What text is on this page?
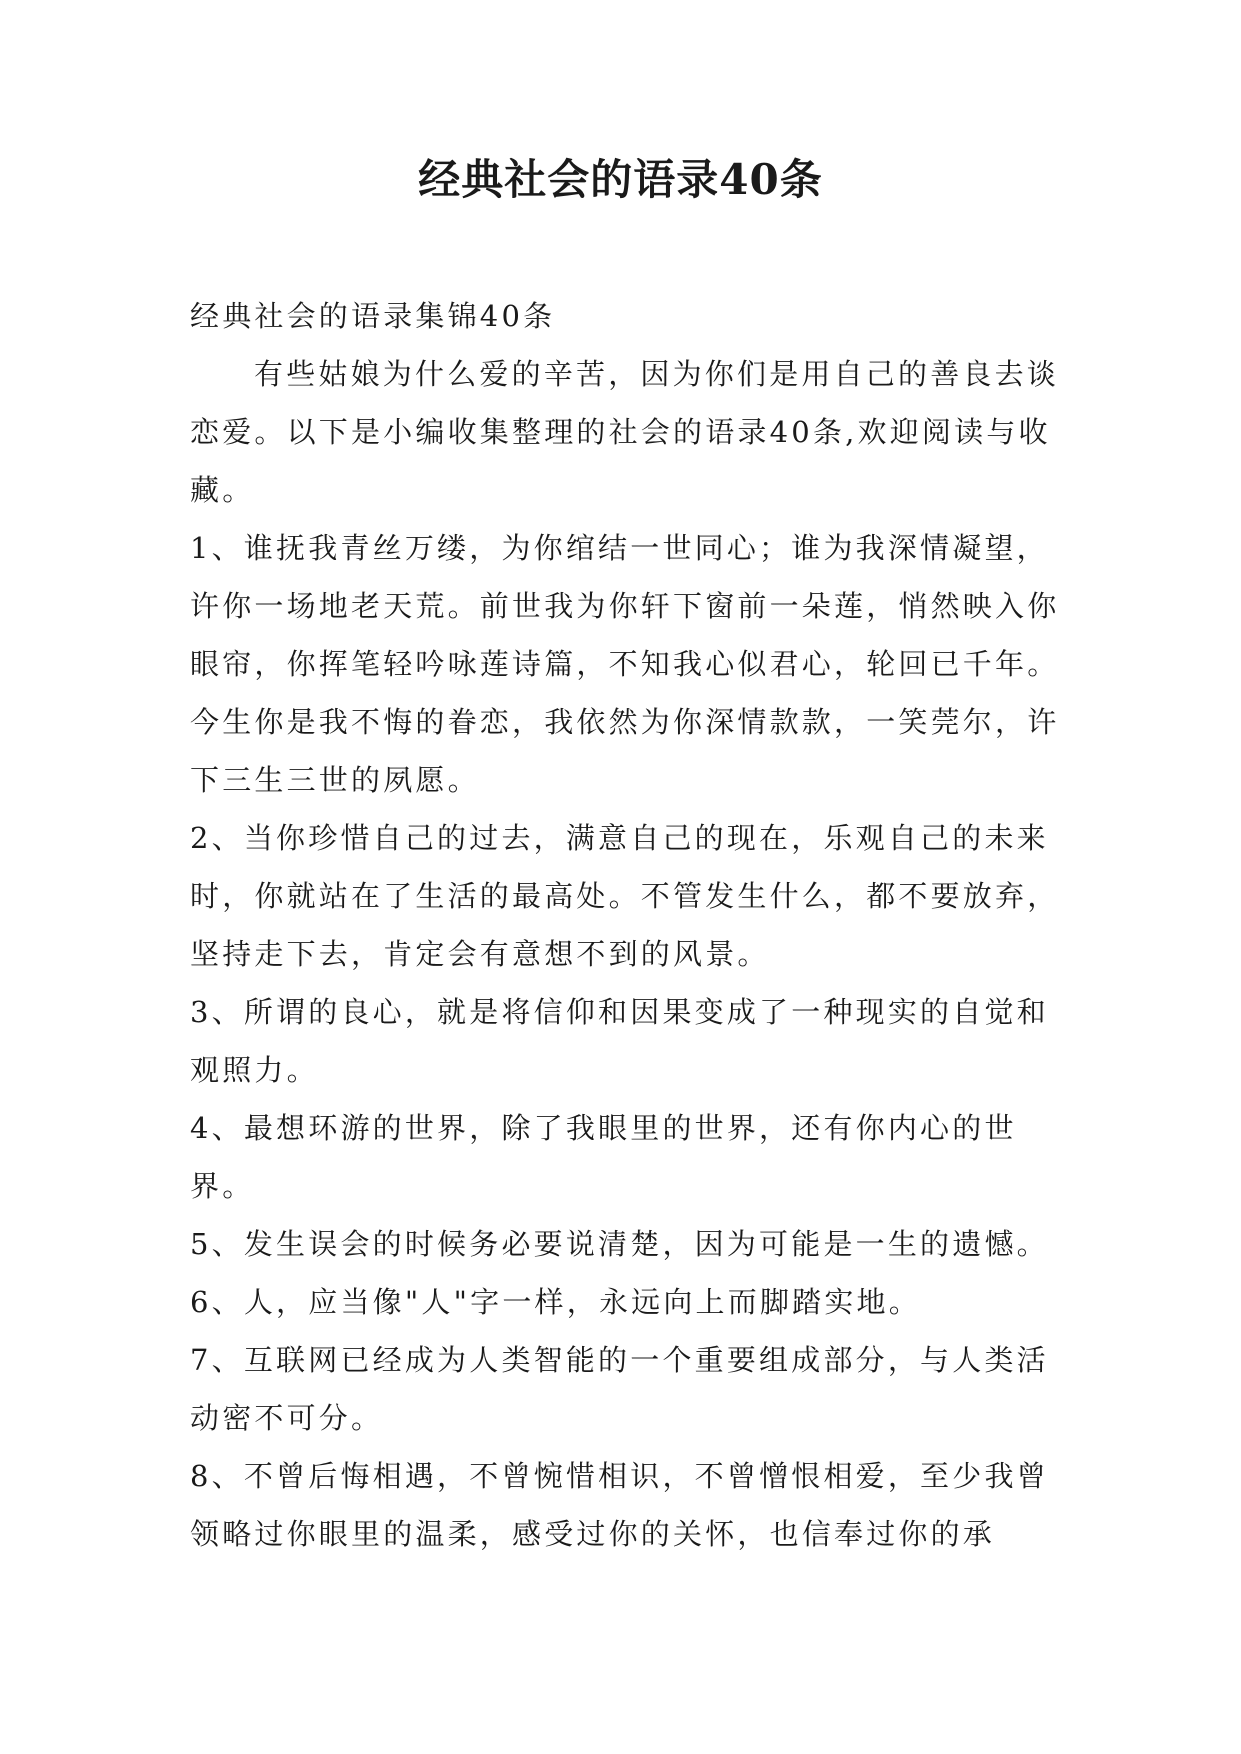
经典社会的语录40条

经典社会的语录集锦40条

有些姑娘为什么爱的辛苦，因为你们是用自己的善良去谈恋爱。以下是小编收集整理的社会的语录40条,欢迎阅读与收藏。

1、谁抚我青丝万缕，为你绾结一世同心；谁为我深情凝望，许你一场地老天荒。前世我为你轩下窗前一朵莲，悄然映入你眼帘，你挥笔轻吟咏莲诗篇，不知我心似君心，轮回已千年。今生你是我不悔的眷恋，我依然为你深情款款，一笑莞尔，许下三生三世的夙愿。

2、当你珍惜自己的过去，满意自己的现在，乐观自己的未来时，你就站在了生活的最高处。不管发生什么，都不要放弃，坚持走下去，肯定会有意想不到的风景。

3、所谓的良心，就是将信仰和因果变成了一种现实的自觉和观照力。

4、最想环游的世界，除了我眼里的世界，还有你内心的世界。

5、发生误会的时候务必要说清楚，因为可能是一生的遗憾。

6、人，应当像"人"字一样，永远向上而脚踏实地。

7、互联网已经成为人类智能的一个重要组成部分，与人类活动密不可分。

8、不曾后悔相遇，不曾惋惜相识，不曾憎恨相爱，至少我曾领略过你眼里的温柔，感受过你的关怀，也信奉过你的承
